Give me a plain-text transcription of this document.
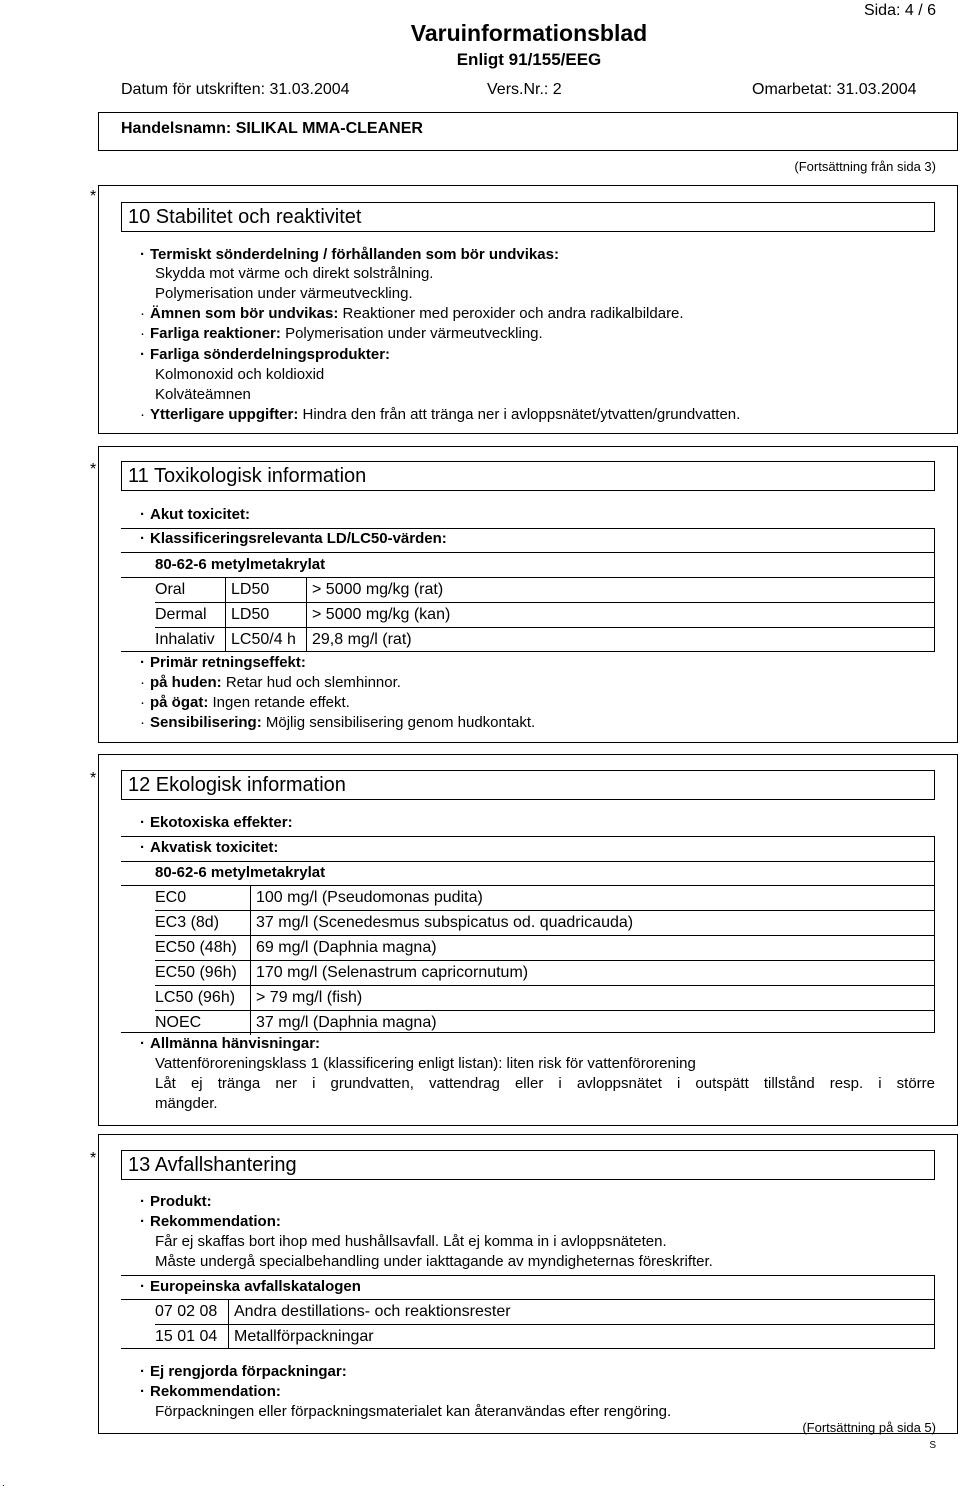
Sida: 4 / 6
Varuinformationsblad
Enligt 91/155/EEG
Datum för utskriften: 31.03.2004	Vers.Nr.: 2	Omarbetat: 31.03.2004
Handelsnamn: SILIKAL MMA-CLEANER
(Fortsättning från sida 3)
*
10 Stabilitet och reaktivitet
· Termiskt sönderdelning / förhållanden som bör undvikas:
Skydda mot värme och direkt solstrålning.
Polymerisation under värmeutveckling.
· Ämnen som bör undvikas: Reaktioner med peroxider och andra radikalbildare.
· Farliga reaktioner: Polymerisation under värmeutveckling.
· Farliga sönderdelningsprodukter:
Kolmonoxid och koldioxid
Kolväteämnen
· Ytterligare uppgifter: Hindra den från att tränga ner i avloppsnätet/ytvatten/grundvatten.
*	11 Toxikologisk information
· Akut toxicitet:
· Klassificeringsrelevanta LD/LC50-värden:
80-62-6 metylmetakrylat
Oral	LD50	> 5000 mg/kg (rat)
Dermal	LD50	> 5000 mg/kg (kan)
Inhalativ	LC50/4 h	29,8 mg/l (rat)
· Primär retningseffekt:
· på huden: Retar hud och slemhinnor.
· på ögat: Ingen retande effekt.
· Sensibilisering: Möjlig sensibilisering genom hudkontakt.
*	12 Ekologisk information
· Ekotoxiska effekter:
· Akvatisk toxicitet:
80-62-6 metylmetakrylat
EC0	100 mg/l (Pseudomonas pudita)
EC3 (8d)	37 mg/l (Scenedesmus subspicatus od. quadricauda)
EC50 (48h)	69 mg/l (Daphnia magna)
EC50 (96h)	170 mg/l (Selenastrum capricornutum)
LC50 (96h)	> 79 mg/l (fish)
NOEC	37 mg/l (Daphnia magna)
· Allmänna hänvisningar:
Vattenföroreningsklass 1 (klassificering enligt listan): liten risk för vattenförorening
Låt ej tränga ner i grundvatten, vattendrag eller i avloppsnätet i outspätt tillstånd resp. i större
mängder.
*	13 Avfallshantering
· Produkt:
· Rekommendation:
Får ej skaffas bort ihop med hushållsavfall. Låt ej komma in i avloppsnäteten.
Måste undergå specialbehandling under iakttagande av myndigheternas föreskrifter.
· Europeinska avfallskatalogen
07 02 08	Andra destillations- och reaktionsrester
15 01 04	Metallförpackningar
· Ej rengjorda förpackningar:
· Rekommendation:
Förpackningen eller förpackningsmaterialet kan återanvändas efter rengöring.
(Fortsättning på sida 5)
S
.
